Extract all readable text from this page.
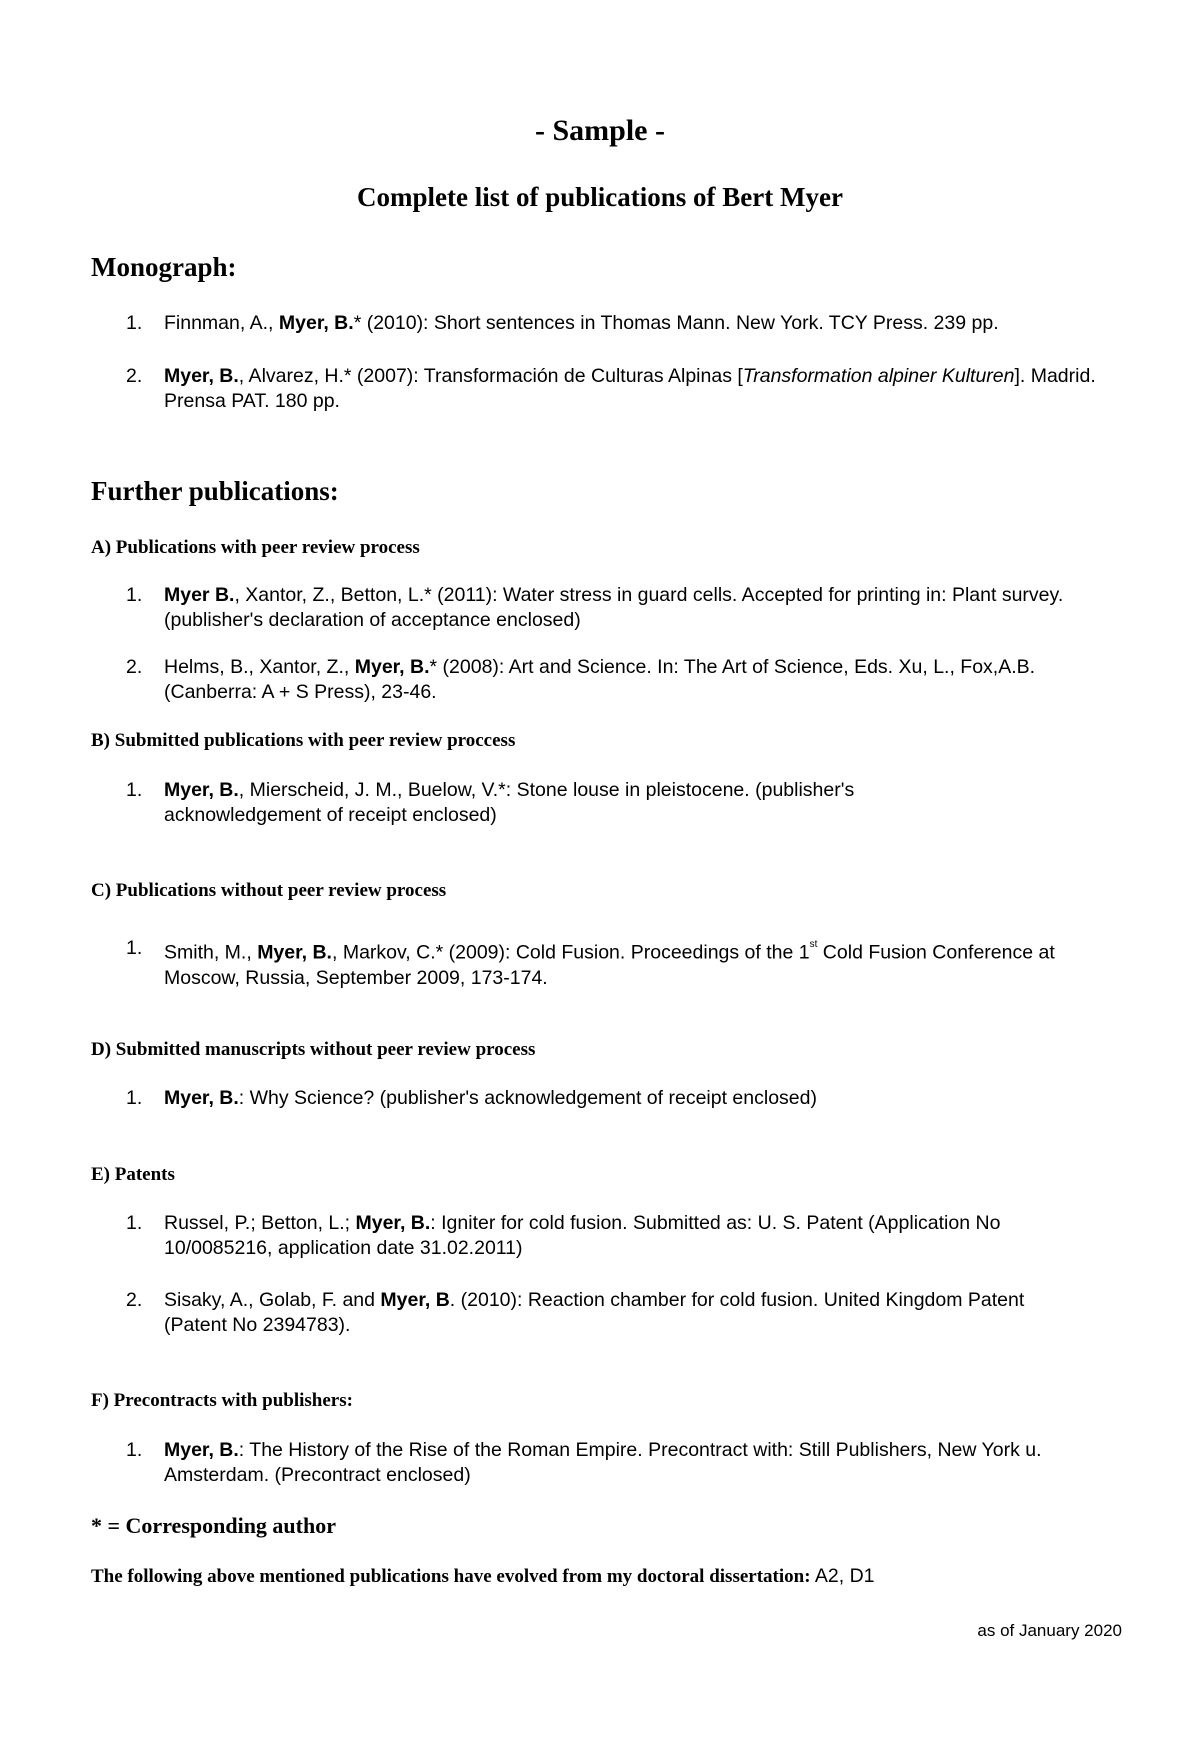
- Sample -
Complete list of publications of Bert Myer
Monograph:
1. Finnman, A., Myer, B.* (2010): Short sentences in Thomas Mann. New York. TCY Press. 239 pp.
2. Myer, B., Alvarez, H.* (2007): Transformación de Culturas Alpinas [Transformation alpiner Kulturen]. Madrid. Prensa PAT. 180 pp.
Further publications:
A) Publications with peer review process
1. Myer B., Xantor, Z., Betton, L.* (2011): Water stress in guard cells. Accepted for printing in: Plant survey. (publisher's declaration of acceptance enclosed)
2. Helms, B., Xantor, Z., Myer, B.* (2008): Art and Science. In: The Art of Science, Eds. Xu, L., Fox,A.B. (Canberra: A + S Press), 23-46.
B) Submitted publications with peer review proccess
1. Myer, B., Mierscheid, J. M., Buelow, V.*: Stone louse in pleistocene. (publisher's acknowledgement of receipt enclosed)
C) Publications without peer review process
1. Smith, M., Myer, B., Markov, C.* (2009): Cold Fusion. Proceedings of the 1st Cold Fusion Conference at Moscow, Russia, September 2009, 173-174.
D) Submitted manuscripts without peer review process
1. Myer, B.: Why Science? (publisher's acknowledgement of receipt enclosed)
E) Patents
1. Russel, P.; Betton, L.; Myer, B.: Igniter for cold fusion. Submitted as: U. S. Patent (Application No 10/0085216, application date 31.02.2011)
2. Sisaky, A., Golab, F. and Myer, B. (2010): Reaction chamber for cold fusion. United Kingdom Patent (Patent No 2394783).
F) Precontracts with publishers:
1. Myer, B.: The History of the Rise of the Roman Empire. Precontract with: Still Publishers, New York u. Amsterdam. (Precontract enclosed)
* = Corresponding author
The following above mentioned publications have evolved from my doctoral dissertation: A2, D1
as of January 2020
